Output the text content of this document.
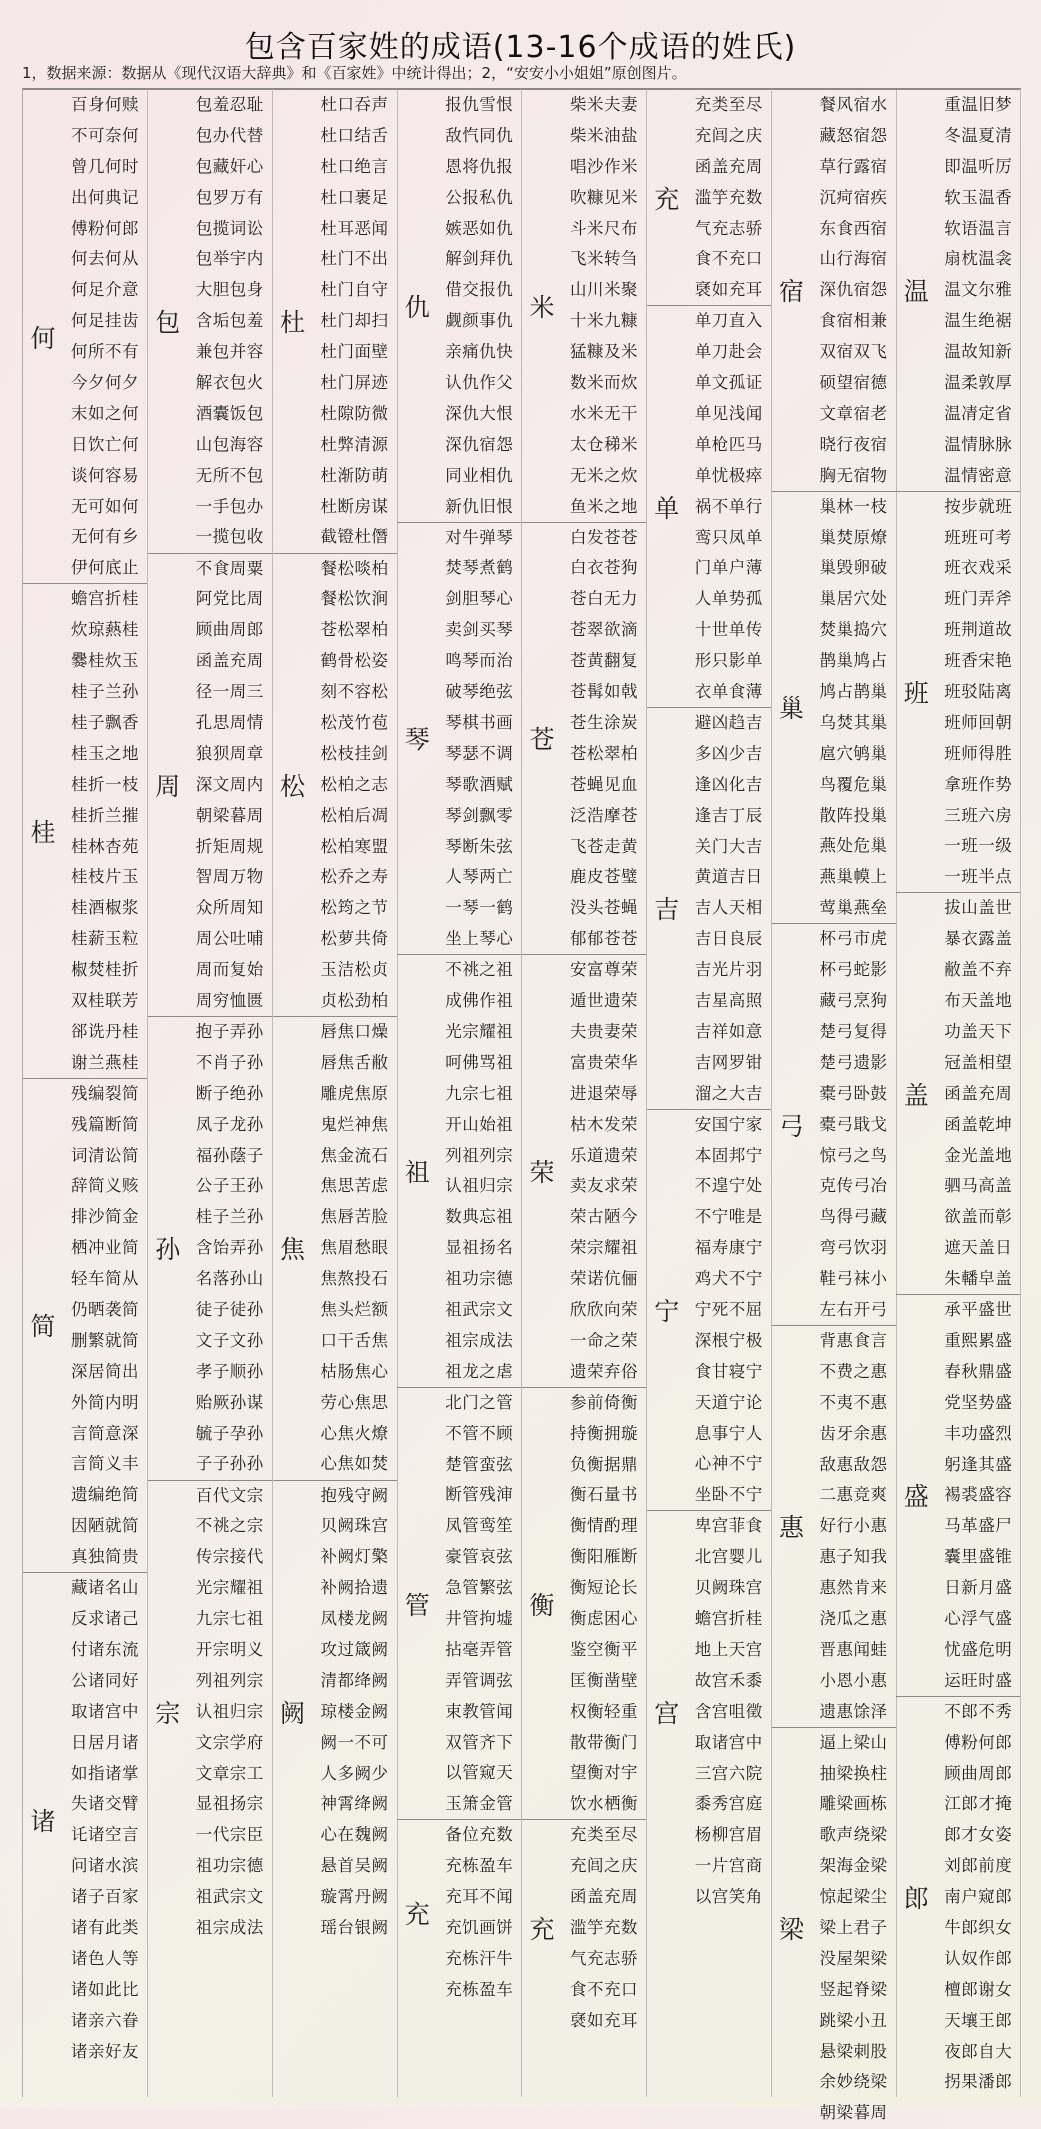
包含百家姓的成语(13-16个成语的姓氏)
1，数据来源：数据从《现代汉语大辞典》和《百家姓》中统计得出；2，“安安小小姐姐”原创图片。
何
百身何赎
不可奈何
曾几何时
出何典记
傅粉何郎
何去何从
何足介意
何足挂齿
何所不有
今夕何夕
末如之何
日饮亡何
谈何容易
无可如何
无何有乡
伊何底止
桂
蟾宫折桂
炊琼爇桂
爨桂炊玉
桂子兰孙
桂子飘香
桂玉之地
桂折一枝
桂折兰摧
桂林杏苑
桂枝片玉
桂酒椒浆
桂薪玉粒
椒焚桂折
双桂联芳
郤诜丹桂
谢兰燕桂
简
残编裂简
残篇断简
词清讼简
辞简义赅
排沙简金
栖冲业简
轻车简从
仍晒袭简
删繁就简
深居简出
外简内明
言简意深
言简义丰
遗编绝简
因陋就简
真独简贵
诸
藏诸名山
反求诸己
付诸东流
公诸同好
取诸宫中
日居月诸
如指诸掌
失诸交臂
讬诸空言
问诸水滨
诸子百家
诸有此类
诸色人等
诸如此比
诸亲六眷
诸亲好友
包
包羞忍耻
包办代替
包藏奸心
包罗万有
包揽词讼
包举宇内
大胆包身
含垢包羞
兼包并容
解衣包火
酒囊饭包
山包海容
无所不包
一手包办
一揽包收
周
不食周粟
阿党比周
顾曲周郎
函盖充周
径一周三
孔思周情
狼狈周章
深文周内
朝梁暮周
折矩周规
智周万物
众所周知
周公吐哺
周而复始
周穷恤匮
孙
抱子弄孙
不肖子孙
断子绝孙
凤子龙孙
福孙蔭子
公子王孙
桂子兰孙
含饴弄孙
名落孙山
徒子徒孙
文子文孙
孝子顺孙
贻厥孙谋
毓子孕孙
子子孙孙
宗
百代文宗
不祧之宗
传宗接代
光宗耀祖
九宗七祖
开宗明义
列祖列宗
认祖归宗
文宗学府
文章宗工
显祖扬宗
一代宗臣
祖功宗德
祖武宗文
祖宗成法
杜
杜口吞声
杜口结舌
杜口绝言
杜口裹足
杜耳恶闻
杜门不出
杜门自守
杜门却扫
杜门面壁
杜门屏迹
杜隙防微
杜弊清源
杜渐防萌
杜断房谋
截镫杜僭
松
餐松啖柏
餐松饮涧
苍松翠柏
鹤骨松姿
刻不容松
松茂竹苞
松枝挂剑
松柏之志
松柏后凋
松柏寒盟
松乔之寿
松筠之节
松萝共倚
玉洁松贞
贞松劲柏
焦
唇焦口燥
唇焦舌敝
雕虎焦原
鬼烂神焦
焦金流石
焦思苦虑
焦唇苦脸
焦眉愁眼
焦熬投石
焦头烂额
口干舌焦
枯肠焦心
劳心焦思
心焦火燎
心焦如焚
阙
抱残守阙
贝阙珠宫
补阙灯檠
补阙拾遗
凤楼龙阙
攻过箴阙
清都绛阙
琼楼金阙
阙一不可
人多阙少
神霄绛阙
心在魏阙
悬首吴阙
璇霄丹阙
瑶台银阙
仇
报仇雪恨
敌忾同仇
恩将仇报
公报私仇
嫉恶如仇
解剑拜仇
借交报仇
觑颜事仇
亲痛仇快
认仇作父
深仇大恨
深仇宿怨
同业相仇
新仇旧恨
琴
对牛弹琴
焚琴煮鹤
剑胆琴心
卖剑买琴
鸣琴而治
破琴绝弦
琴棋书画
琴瑟不调
琴歌酒赋
琴剑飘零
琴断朱弦
人琴两亡
一琴一鹤
坐上琴心
祖
不祧之祖
成佛作祖
光宗耀祖
呵佛骂祖
九宗七祖
开山始祖
列祖列宗
认祖归宗
数典忘祖
显祖扬名
祖功宗德
祖武宗文
祖宗成法
祖龙之虐
管
北门之管
不管不顾
楚管蛮弦
断管残渖
凤管鸾笙
豪管哀弦
急管繁弦
井管拘墟
拈毫弄管
弄管调弦
束教管闻
双管齐下
以管窥天
玉箫金管
充
备位充数
充栋盈车
充耳不闻
充饥画饼
充栋汗牛
充栋盈车
米
柴米夫妻
柴米油盐
唱沙作米
吹糠见米
斗米尺布
飞米转刍
山川米聚
十米九糠
猛糠及米
数米而炊
水米无干
太仓稊米
无米之炊
鱼米之地
苍
白发苍苍
白衣苍狗
苍白无力
苍翠欲滴
苍黄翻复
苍髯如戟
苍生涂炭
苍松翠柏
苍蝇见血
泛浩摩苍
飞苍走黄
鹿皮苍璧
没头苍蝇
郁郁苍苍
荣
安富尊荣
遁世遗荣
夫贵妻荣
富贵荣华
进退荣辱
枯木发荣
乐道遗荣
卖友求荣
荣古陋今
荣宗耀祖
荣诺伉俪
欣欣向荣
一命之荣
遗荣弃俗
衡
参前倚衡
持衡拥璇
负衡据鼎
衡石量书
衡情酌理
衡阳雁断
衡短论长
衡虑困心
鉴空衡平
匡衡凿壁
权衡轻重
散带衡门
望衡对宇
饮水栖衡
充
充类至尽
充闾之庆
函盖充周
滥竽充数
气充志骄
食不充口
褎如充耳
充
充类至尽
充闾之庆
函盖充周
滥竽充数
气充志骄
食不充口
褎如充耳
单
单刀直入
单刀赴会
单文孤证
单见浅闻
单枪匹马
单忧极瘁
祸不单行
鸾只凤单
门单户薄
人单势孤
十世单传
形只影单
衣单食薄
吉
避凶趋吉
多凶少吉
逢凶化吉
逢吉丁辰
关门大吉
黄道吉日
吉人天相
吉日良辰
吉光片羽
吉星高照
吉祥如意
吉网罗钳
溜之大吉
宁
安国宁家
本固邦宁
不遑宁处
不宁唯是
福寿康宁
鸡犬不宁
宁死不屈
深根宁极
食甘寝宁
天道宁论
息事宁人
心神不宁
坐卧不宁
宫
卑宫菲食
北宫婴儿
贝阙珠宫
蟾宫折桂
地上天宫
故宫禾黍
含宫咀徵
取诸宫中
三宫六院
黍秀宫庭
杨柳宫眉
一片宫商
以宫笑角
宿
餐风宿水
藏怒宿怨
草行露宿
沉疴宿疾
东食西宿
山行海宿
深仇宿怨
食宿相兼
双宿双飞
硕望宿德
文章宿老
晓行夜宿
胸无宿物
巢
巢林一枝
巢焚原燎
巢毁卵破
巢居穴处
焚巢捣穴
鹊巢鸠占
鸠占鹊巢
乌焚其巢
扈穴鸲巢
鸟覆危巢
散阵投巢
燕处危巢
燕巢幙上
莺巢燕垒
弓
杯弓市虎
杯弓蛇影
藏弓烹狗
楚弓复得
楚弓遗影
橐弓卧鼓
橐弓戢戈
惊弓之鸟
克传弓冶
鸟得弓藏
弯弓饮羽
鞋弓袜小
左右开弓
惠
背惠食言
不费之惠
不夷不惠
齿牙余惠
敌惠敌怨
二惠竞爽
好行小惠
惠子知我
惠然肯来
浇瓜之惠
晋惠闻蛙
小恩小惠
遗惠馀泽
梁
逼上梁山
抽梁换柱
雕梁画栋
歌声绕梁
架海金梁
惊起梁尘
梁上君子
没屋架梁
竖起脊梁
跳梁小丑
悬梁刺股
余妙绕梁
朝梁暮周
温
重温旧梦
冬温夏清
即温听厉
软玉温香
软语温言
扇枕温衾
温文尔雅
温生绝裾
温故知新
温柔敦厚
温凊定省
温情脉脉
温情密意
班
按步就班
班班可考
班衣戏采
班门弄斧
班荆道故
班香宋艳
班驳陆离
班师回朝
班师得胜
拿班作势
三班六房
一班一级
一班半点
盖
拔山盖世
暴衣露盖
敝盖不弃
布天盖地
功盖天下
冠盖相望
函盖充周
函盖乾坤
金光盖地
驷马高盖
欲盖而彰
遮天盖日
朱轓皁盖
盛
承平盛世
重熙累盛
春秋鼎盛
党坚势盛
丰功盛烈
躬逢其盛
裼裘盛容
马革盛尸
囊里盛锥
日新月盛
心浮气盛
忧盛危明
运旺时盛
郎
不郎不秀
傅粉何郎
顾曲周郎
江郎才掩
郎才女姿
刘郎前度
南户窥郎
牛郎织女
认奴作郎
檀郎谢女
天壤王郎
夜郎自大
拐果潘郎
